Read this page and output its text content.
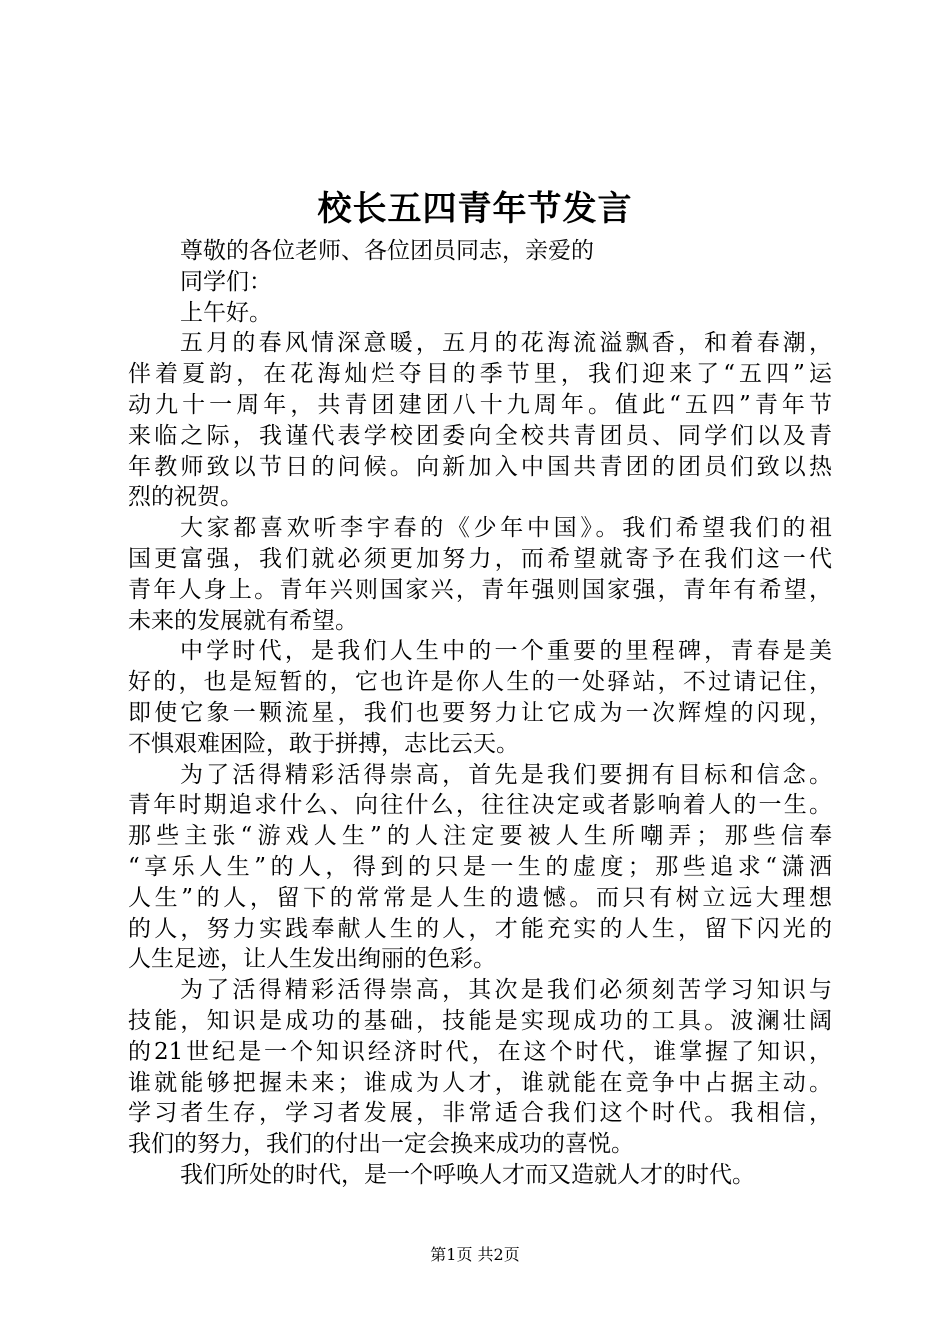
校长五四青年节发言
尊敬的各位老师、各位团员同志，亲爱的
同学们：
上午好。
五月的春风情深意暖，五月的花海流溢飘香，和着春潮，
伴着夏韵，在花海灿烂夺目的季节里，我们迎来了“五四”运
动九十一周年，共青团建团八十九周年。值此“五四”青年节
来临之际，我谨代表学校团委向全校共青团员、同学们以及青
年教师致以节日的问候。向新加入中国共青团的团员们致以热
烈的祝贺。
大家都喜欢听李宇春的《少年中国》。我们希望我们的祖
国更富强，我们就必须更加努力，而希望就寄予在我们这一代
青年人身上。青年兴则国家兴，青年强则国家强，青年有希望，
未来的发展就有希望。
中学时代，是我们人生中的一个重要的里程碑，青春是美
好的，也是短暂的，它也许是你人生的一处驿站，不过请记住，
即使它象一颗流星，我们也要努力让它成为一次辉煌的闪现，
不惧艰难困险，敢于拼搏，志比云天。
为了活得精彩活得崇高，首先是我们要拥有目标和信念。
青年时期追求什么、向往什么，往往决定或者影响着人的一生。
那些主张“游戏人生”的人注定要被人生所嘲弄；那些信奉
“享乐人生”的人，得到的只是一生的虚度；那些追求“潇洒
人生”的人，留下的常常是人生的遗憾。而只有树立远大理想
的人，努力实践奉献人生的人，才能充实的人生，留下闪光的
人生足迹，让人生发出绚丽的色彩。
为了活得精彩活得崇高，其次是我们必须刻苦学习知识与
技能，知识是成功的基础，技能是实现成功的工具。波澜壮阔
的21世纪是一个知识经济时代，在这个时代，谁掌握了知识，
谁就能够把握未来；谁成为人才，谁就能在竞争中占据主动。
学习者生存，学习者发展，非常适合我们这个时代。我相信，
我们的努力，我们的付出一定会换来成功的喜悦。
我们所处的时代，是一个呼唤人才而又造就人才的时代。
第1页 共2页
